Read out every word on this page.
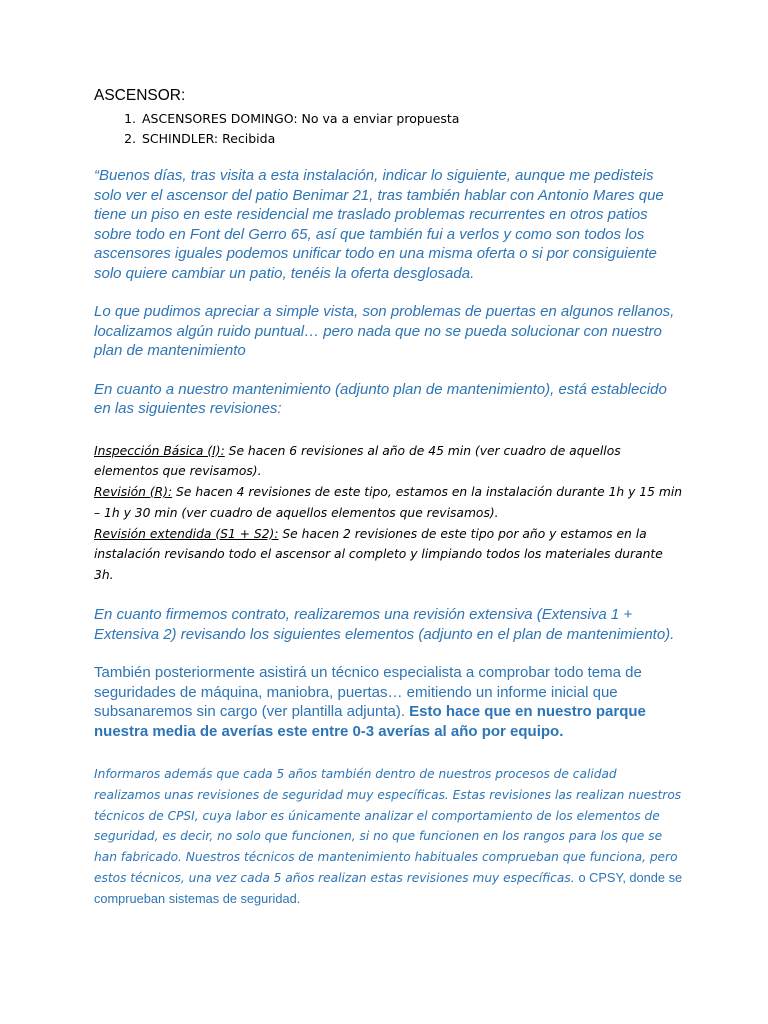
ASCENSOR:
1. ASCENSORES DOMINGO: No va a enviar propuesta
2. SCHINDLER: Recibida

“Buenos días, tras visita a esta instalación, indicar lo siguiente, aunque me pedisteis solo ver el ascensor del patio Benimar 21, tras también hablar con Antonio Mares que tiene un piso en este residencial me traslado problemas recurrentes en otros patios sobre todo en Font del Gerro 65, así que también fui a verlos y como son todos los ascensores iguales podemos unificar todo en una misma oferta o si por consiguiente solo quiere cambiar un patio, tenéis la oferta desglosada.

Lo que pudimos apreciar a simple vista, son problemas de puertas en algunos rellanos, localizamos algún ruido puntual… pero nada que no se pueda solucionar con nuestro plan de mantenimiento

En cuanto a nuestro mantenimiento (adjunto plan de mantenimiento), está establecido en las siguientes revisiones:

Inspección Básica (I): Se hacen 6 revisiones al año de 45 min (ver cuadro de aquellos elementos que revisamos).

Revisión (R): Se hacen 4 revisiones de este tipo, estamos en la instalación durante 1h y 15 min – 1h y 30 min (ver cuadro de aquellos elementos que revisamos).

Revisión extendida (S1 + S2): Se hacen 2 revisiones de este tipo por año y estamos en la instalación revisando todo el ascensor al completo y limpiando todos los materiales durante 3h.

En cuanto firmemos contrato, realizaremos una revisión extensiva (Extensiva 1 + Extensiva 2) revisando los siguientes elementos (adjunto en el plan de mantenimiento).

También posteriormente asistirá un técnico especialista a comprobar todo tema de seguridades de máquina, maniobra, puertas… emitiendo un informe inicial que subsanaremos sin cargo (ver plantilla adjunta). Esto hace que en nuestro parque nuestra media de averías este entre 0-3 averías al año por equipo.

Informaros además que cada 5 años también dentro de nuestros procesos de calidad realizamos unas revisiones de seguridad muy específicas. Estas revisiones las realizan nuestros técnicos de CPSI, cuya labor es únicamente analizar el comportamiento de los elementos de seguridad, es decir, no solo que funcionen, si no que funcionen en los rangos para los que se han fabricado. Nuestros técnicos de mantenimiento habituales comprueban que funciona, pero estos técnicos, una vez cada 5 años realizan estas revisiones muy específicas. o CPSY, donde se comprueban sistemas de seguridad.
